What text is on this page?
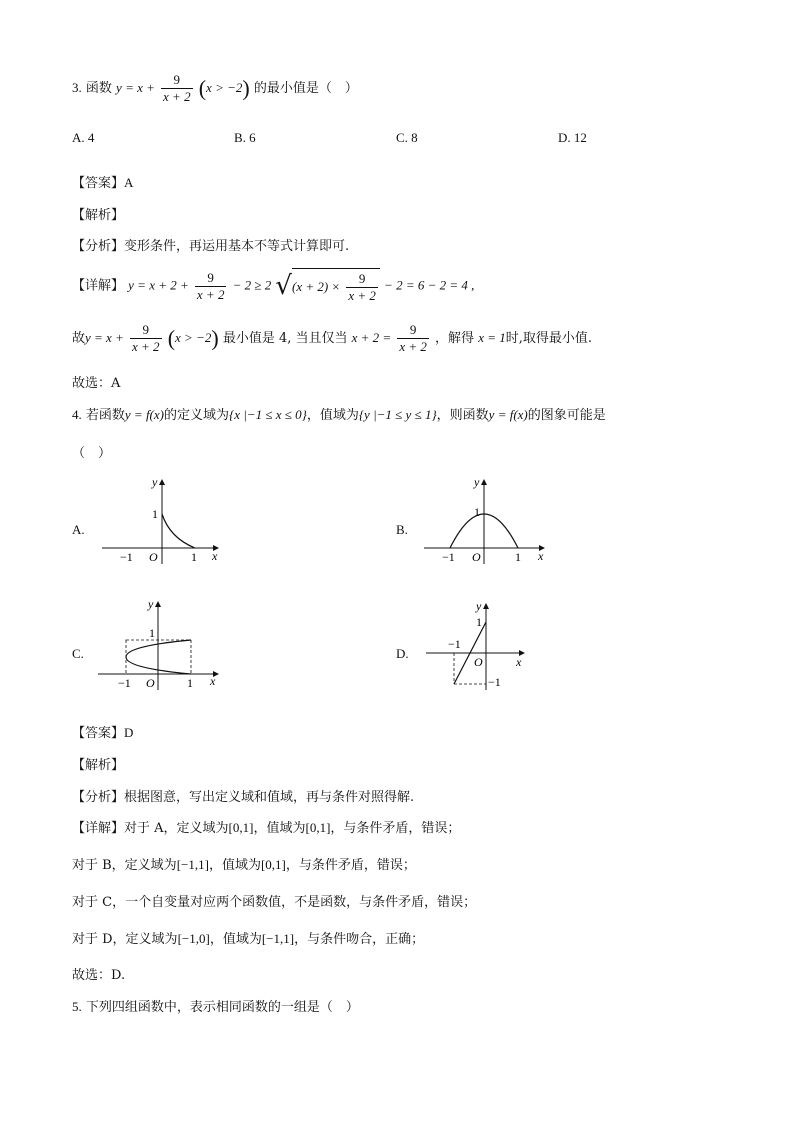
3. 函数 $y = x + \frac{9}{x + 2} (x > -2)$ 的最小值是（　）
A. 4	B. 6	C. 8	D. 12
【答案】A
【解析】
【分析】变形条件，再运用基本不等式计算即可.
【详解】 $y = x + 2 + \frac{9}{x + 2} - 2 \ge 2$ $√(x + 2) \times \frac{9}{x + 2} - 2 = 6 - 2 = 4$ ,
故$y = x + \frac{9}{x + 2} (x > -2)$ 最小值是 4, 当且仅当 $x + 2 = \frac{9}{x + 2}$ ，解得 x = 1时,取得最小值.
故选：A
4. 若函数y = f(x)的定义域为{x |−1 ≤ x ≤ 0}，值域为{y |−1 ≤ y ≤ 1}，则函数y = f(x)的图象可能是
（　）
A.
y
x
O
−1	1
1
B.
y
x
O
−1	1
1
C.
y
x
O
−1	1
1
D.
y
x
O
−1
−1
1
【答案】D
【解析】
【分析】根据图意，写出定义域和值域，再与条件对照得解.
【详解】对于 A，定义域为[0,1]，值域为[0,1]，与条件矛盾，错误；
对于 B，定义域为[−1,1]，值域为[0,1]，与条件矛盾，错误；
对于 C，一个自变量对应两个函数值，不是函数，与条件矛盾，错误；
对于 D，定义域为[−1,0]，值域为[−1,1]，与条件吻合，正确；
故选：D.
5. 下列四组函数中，表示相同函数的一组是（　）
